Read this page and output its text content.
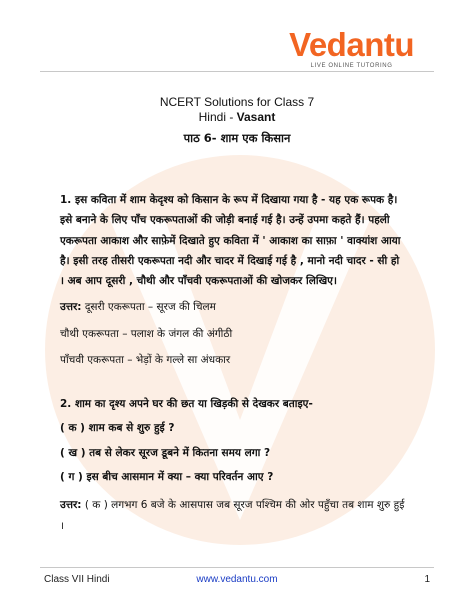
Vedantu
LIVE ONLINE TUTORING
NCERT Solutions for Class 7
Hindi - Vasant
पाठ 6- शाम एक किसान
1. इस कविता में शाम केदृश्य को किसान के रूप में दिखाया गया है - यह एक रूपक है।
इसे बनाने के लिए पाँच एकरूपताओं की जोड़ी बनाई गई है। उन्हें उपमा कहते हैं। पहली
एकरूपता आकाश और साफ़ेमें दिखाते हुए कविता में ' आकाश का साफ़ा ' वाक्यांश आया
है। इसी तरह तीसरी एकरूपता नदी और चादर में दिखाई गई है , मानो नदी चादर - सी हो
। अब आप दूसरी , चौथी और पाँचवी एकरूपताओं की खोजकर लिखिए।
उत्तर: दूसरी एकरूपता – सूरज की चिलम
चौथी एकरूपता – पलाश के जंगल की अंगीठी
पाँचवी एकरूपता – भेड़ों के गल्ले सा अंधकार
2. शाम का दृश्य अपने घर की छत या खिड़की से देखकर बताइए-
( क ) शाम कब से शुरु हुई ?
( ख ) तब से लेकर सूरज डूबने में कितना समय लगा ?
( ग ) इस बीच आसमान में क्या – क्या परिवर्तन आए ?
उत्तर: ( क ) लगभग 6 बजे के आसपास जब सूरज पश्चिम की ओर पहुँचा तब शाम शुरु हुई
।
Class VII Hindi	www.vedantu.com	1
